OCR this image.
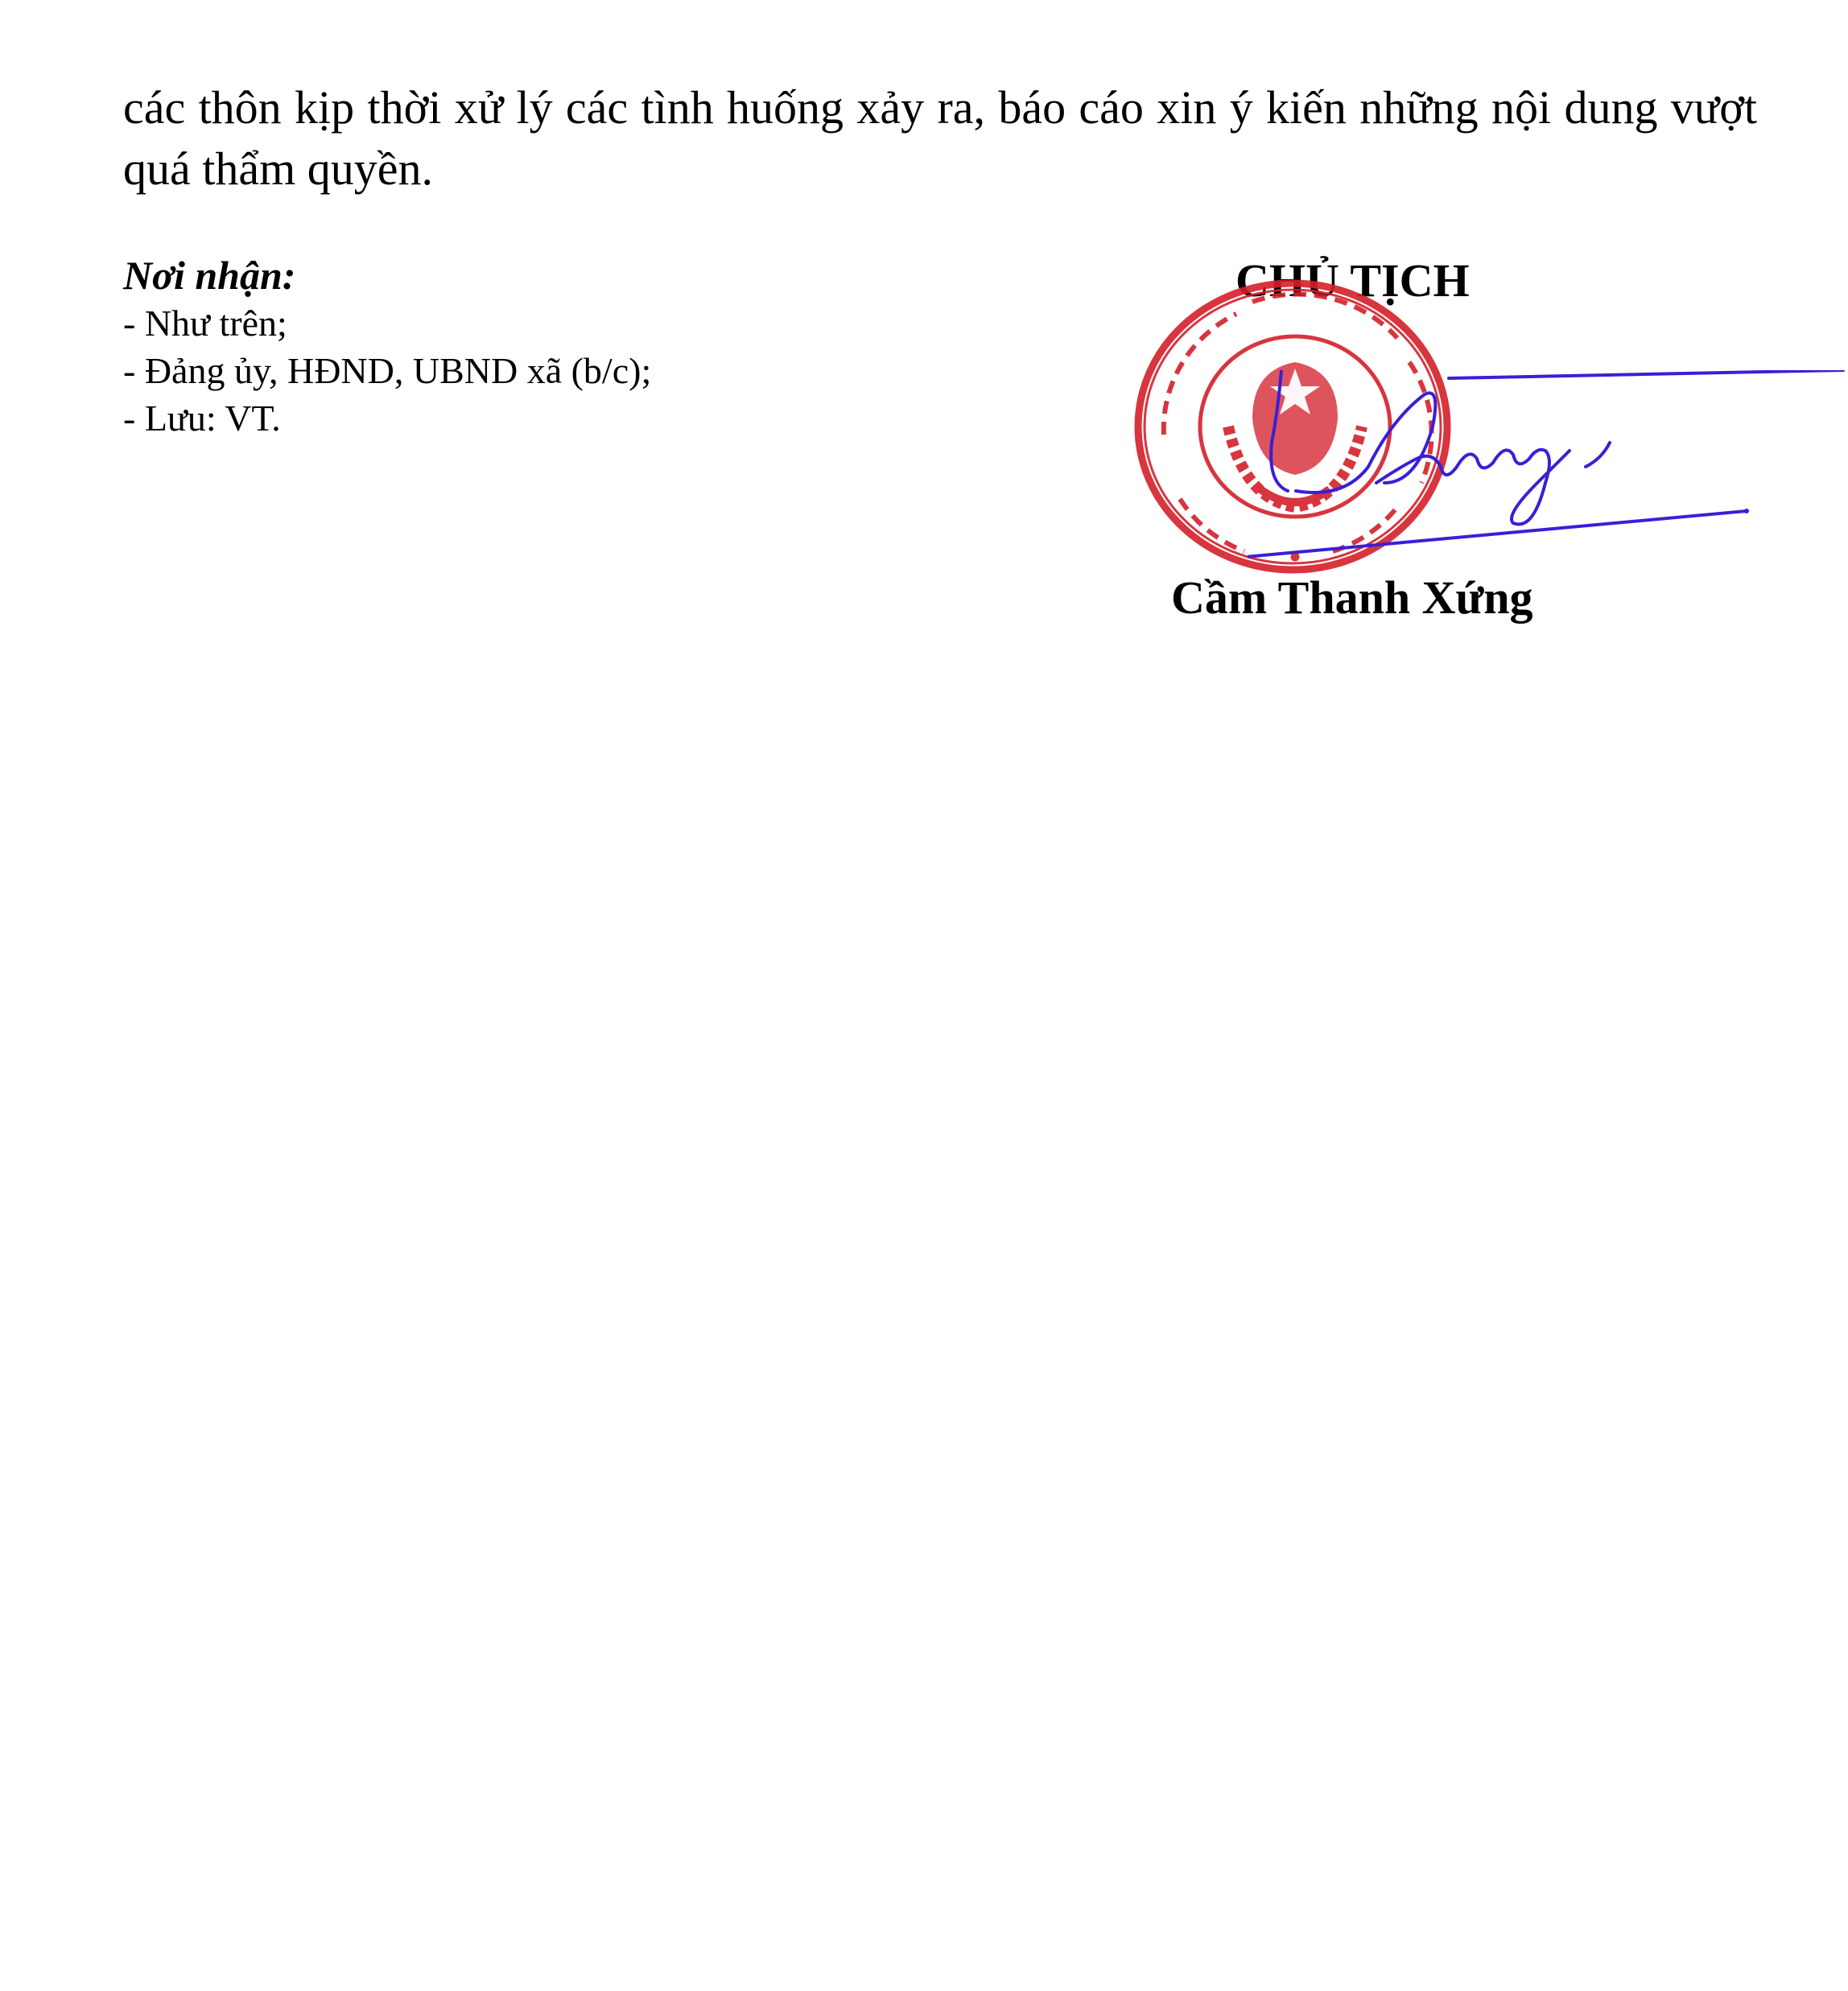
các thôn kịp thời xử lý các tình huống xảy ra, báo cáo xin ý kiến những nội dung vượt quá thẩm quyền.

Nơi nhận:

- Như trên;
- Đảng ủy, HĐND, UBND xã (b/c);
- Lưu: VT.

CHỦ TỊCH

Cầm Thanh Xứng
